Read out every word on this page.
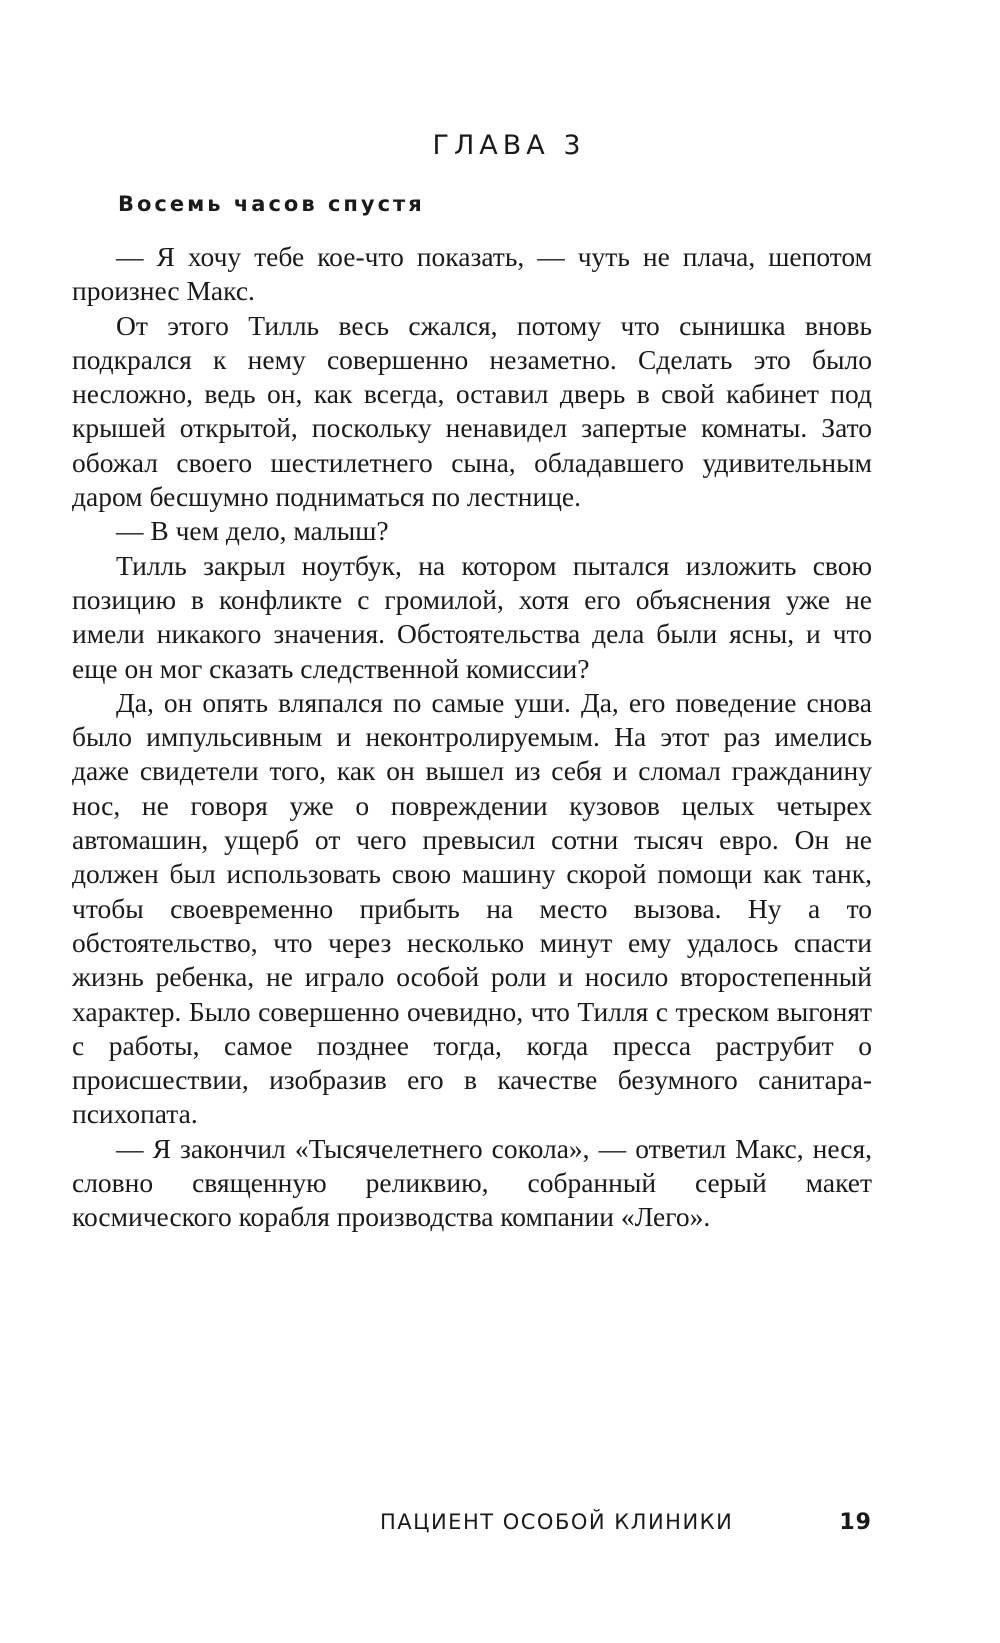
ГЛАВА 3
Восемь часов спустя

— Я хочу тебе кое-что показать, — чуть не плача, шепотом произнес Макс.

От этого Тилль весь сжался, потому что сынишка вновь подкрался к нему совершенно незаметно. Сделать это было несложно, ведь он, как всегда, оставил дверь в свой кабинет под крышей открытой, поскольку ненавидел запертые комнаты. Зато обожал своего шестилетнего сына, обладавшего удивительным даром бесшумно подниматься по лестнице.

— В чем дело, малыш?

Тилль закрыл ноутбук, на котором пытался изложить свою позицию в конфликте с громилой, хотя его объяснения уже не имели никакого значения. Обстоятельства дела были ясны, и что еще он мог сказать следственной комиссии?

Да, он опять вляпался по самые уши. Да, его поведение снова было импульсивным и неконтролируемым. На этот раз имелись даже свидетели того, как он вышел из себя и сломал гражданину нос, не говоря уже о повреждении кузовов целых четырех автомашин, ущерб от чего превысил сотни тысяч евро. Он не должен был использовать свою машину скорой помощи как танк, чтобы своевременно прибыть на место вызова. Ну а то обстоятельство, что через несколько минут ему удалось спасти жизнь ребенка, не играло особой роли и носило второстепенный характер. Было совершенно очевидно, что Тилля с треском выгонят с работы, самое позднее тогда, когда пресса раструбит о происшествии, изобразив его в качестве безумного санитара-психопата.

— Я закончил «Тысячелетнего сокола», — ответил Макс, неся, словно священную реликвию, собранный серый макет космического корабля производства компании «Лего».

ПАЦИЕНТ ОСОБОЙ КЛИНИКИ	19
